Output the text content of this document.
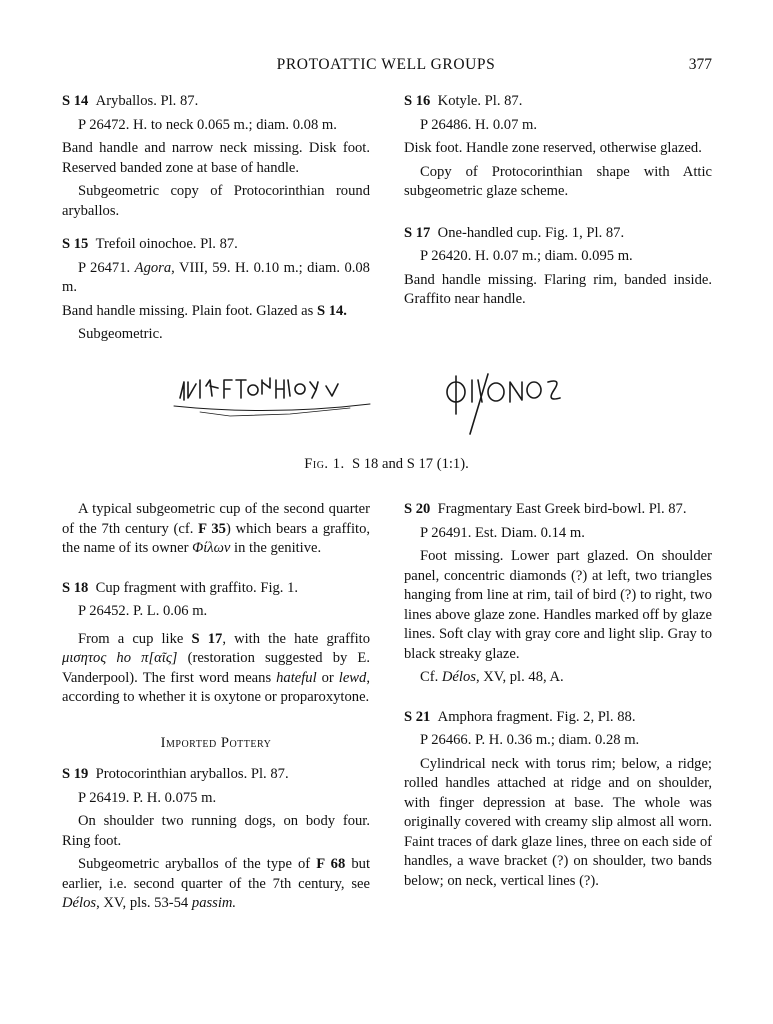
PROTOATTIC WELL GROUPS	377

S 14 Aryballos. Pl. 87.

P 26472. H. to neck 0.065 m.; diam. 0.08 m.

Band handle and narrow neck missing. Disk foot. Reserved banded zone at base of handle.

Subgeometric copy of Protocorinthian round aryballos.

S 15 Trefoil oinochoe. Pl. 87.

P 26471. Agora, VIII, 59. H. 0.10 m.; diam. 0.08 m.

Band handle missing. Plain foot. Glazed as S 14.

Subgeometric.

S 16 Kotyle. Pl. 87.

P 26486. H. 0.07 m.

Disk foot. Handle zone reserved, otherwise glazed.

Copy of Protocorinthian shape with Attic subgeometric glaze scheme.

S 17 One-handled cup. Fig. 1, Pl. 87.

P 26420. H. 0.07 m.; diam. 0.095 m.

Band handle missing. Flaring rim, banded inside. Graffito near handle.

Fig. 1. S 18 and S 17 (1:1).

A typical subgeometric cup of the second quarter of the 7th century (cf. F 35) which bears a graffito, the name of its owner Φίλων in the genitive.

S 18 Cup fragment with graffito. Fig. 1.

P 26452. P. L. 0.06 m.

From a cup like S 17, with the hate graffito μισητος ho π[αῖς] (restoration suggested by E. Vanderpool). The first word means hateful or lewd, according to whether it is oxytone or proparoxytone.

Imported Pottery

S 19 Protocorinthian aryballos. Pl. 87.

P 26419. P. H. 0.075 m.

On shoulder two running dogs, on body four. Ring foot.

Subgeometric aryballos of the type of F 68 but earlier, i.e. second quarter of the 7th century, see Délos, XV, pls. 53-54 passim.

S 20 Fragmentary East Greek bird-bowl. Pl. 87.

P 26491. Est. Diam. 0.14 m.

Foot missing. Lower part glazed. On shoulder panel, concentric diamonds (?) at left, two triangles hanging from line at rim, tail of bird (?) to right, two lines above glaze zone. Handles marked off by glaze lines. Soft clay with gray core and light slip. Gray to black streaky glaze.

Cf. Délos, XV, pl. 48, A.

S 21 Amphora fragment. Fig. 2, Pl. 88.

P 26466. P. H. 0.36 m.; diam. 0.28 m.

Cylindrical neck with torus rim; below, a ridge; rolled handles attached at ridge and on shoulder, with finger depression at base. The whole was originally covered with creamy slip almost all worn. Faint traces of dark glaze lines, three on each side of handles, a wave bracket (?) on shoulder, two bands below; on neck, vertical lines (?).
